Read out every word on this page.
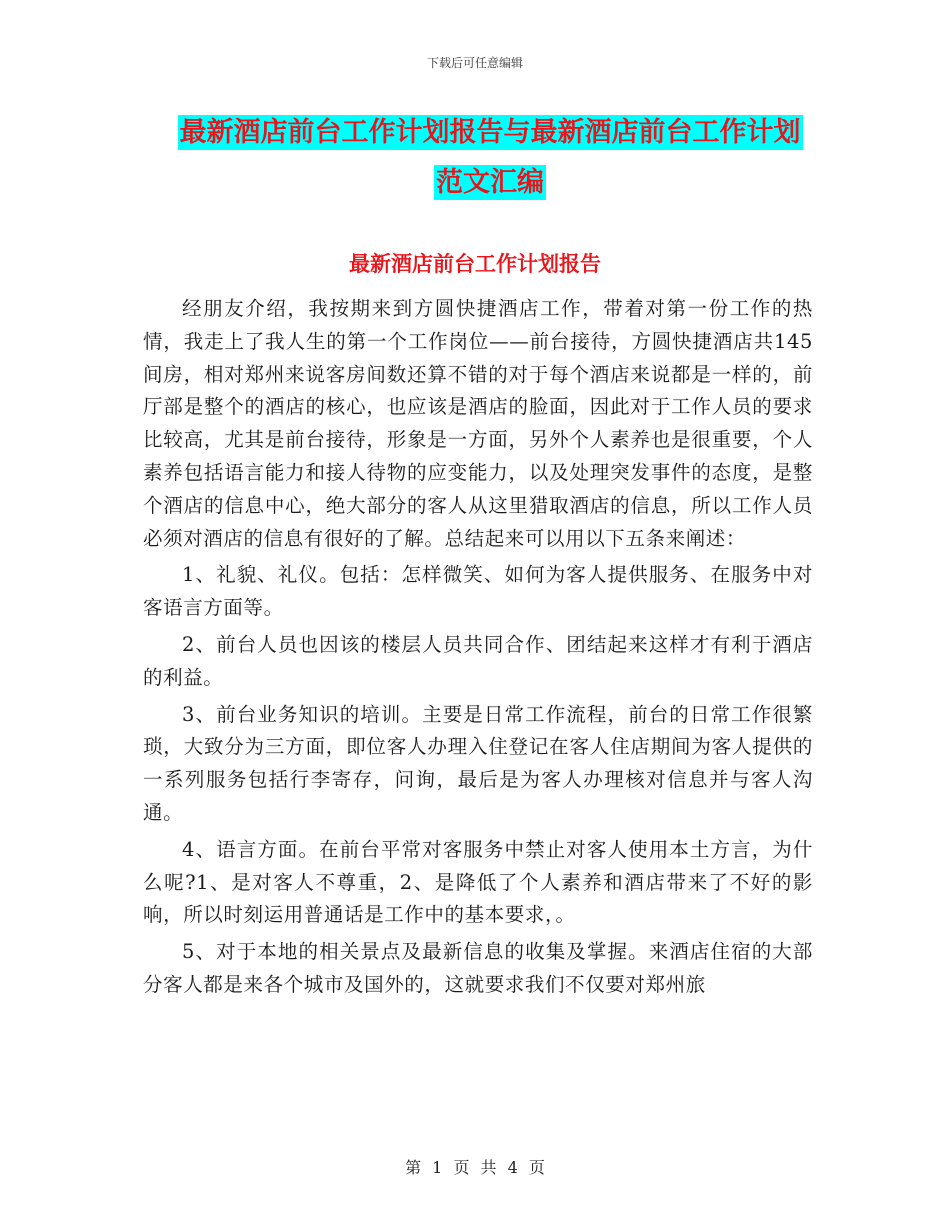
下载后可任意编辑
最新酒店前台工作计划报告与最新酒店前台工作计划
范文汇编
最新酒店前台工作计划报告

经朋友介绍，我按期来到方圆快捷酒店工作，带着对第一份工作的热情，我走上了我人生的第一个工作岗位——前台接待，方圆快捷酒店共145间房，相对郑州来说客房间数还算不错的对于每个酒店来说都是一样的，前厅部是整个的酒店的核心，也应该是酒店的脸面，因此对于工作人员的要求比较高，尤其是前台接待，形象是一方面，另外个人素养也是很重要，个人素养包括语言能力和接人待物的应变能力，以及处理突发事件的态度，是整个酒店的信息中心，绝大部分的客人从这里猎取酒店的信息，所以工作人员必须对酒店的信息有很好的了解。总结起来可以用以下五条来阐述：

1、礼貌、礼仪。包括：怎样微笑、如何为客人提供服务、在服务中对客语言方面等。

2、前台人员也因该的楼层人员共同合作、团结起来这样才有利于酒店的利益。

3、前台业务知识的培训。主要是日常工作流程，前台的日常工作很繁琐，大致分为三方面，即位客人办理入住登记在客人住店期间为客人提供的一系列服务包括行李寄存，问询，最后是为客人办理核对信息并与客人沟通。

4、语言方面。在前台平常对客服务中禁止对客人使用本土方言，为什么呢?1、是对客人不尊重，2、是降低了个人素养和酒店带来了不好的影响，所以时刻运用普通话是工作中的基本要求，。

5、对于本地的相关景点及最新信息的收集及掌握。来酒店住宿的大部分客人都是来各个城市及国外的，这就要求我们不仅要对郑州旅

第 1 页 共 4 页
